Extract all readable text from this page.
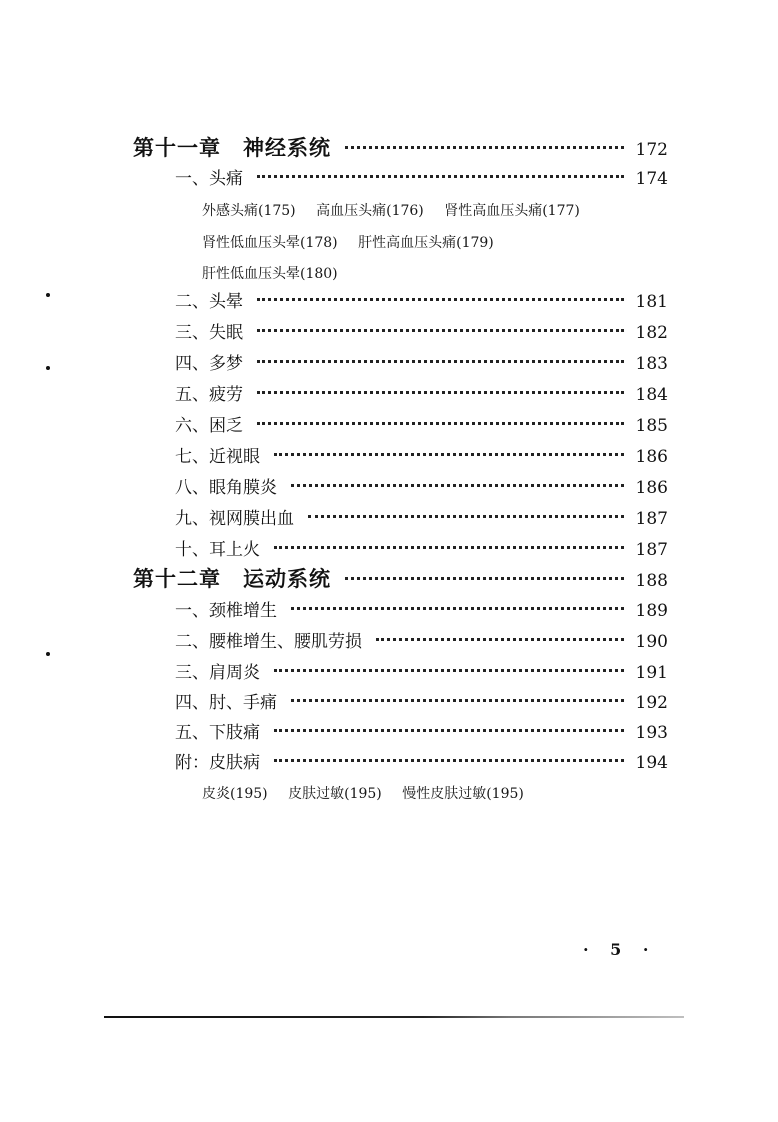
第十一章　神经系统	172
一、头痛	174
外感头痛(175) 高血压头痛(176) 肾性高血压头痛(177)
肾性低血压头晕(178) 肝性高血压头痛(179)
肝性低血压头晕(180)
二、头晕	181
三、失眠	182
四、多梦	183
五、疲劳	184
六、困乏	185
七、近视眼	186
八、眼角膜炎	186
九、视网膜出血	187
十、耳上火	187
第十二章　运动系统	188
一、颈椎增生	189
二、腰椎增生、腰肌劳损	190
三、肩周炎	191
四、肘、手痛	192
五、下肢痛	193
附：皮肤病	194
皮炎(195) 皮肤过敏(195) 慢性皮肤过敏(195)
· 5 ·
